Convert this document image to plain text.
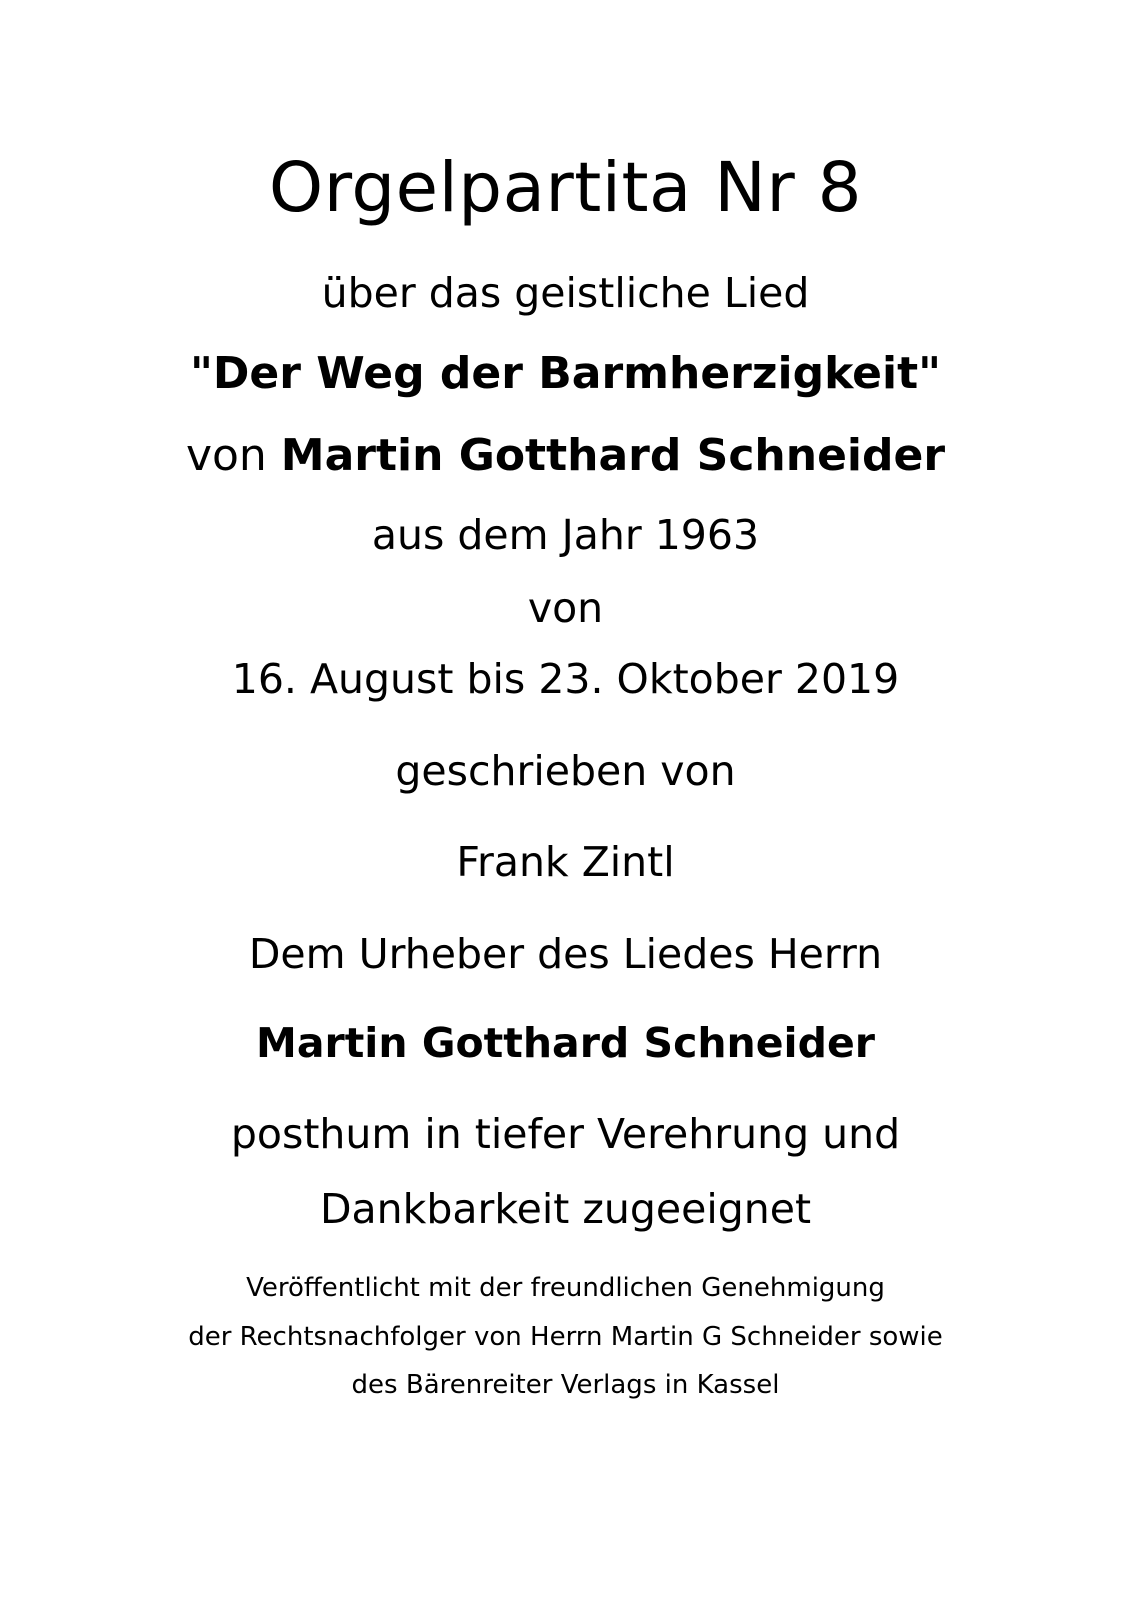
Orgelpartita Nr 8
über das geistliche Lied
"Der Weg der Barmherzigkeit"
von Martin Gotthard Schneider
aus dem Jahr 1963
von
16. August bis 23. Oktober 2019
geschrieben von
Frank Zintl
Dem Urheber des Liedes Herrn
Martin Gotthard Schneider
posthum in tiefer Verehrung und
Dankbarkeit zugeeignet
Veröffentlicht mit der freundlichen Genehmigung
der Rechtsnachfolger von Herrn Martin G Schneider sowie
des Bärenreiter Verlags in Kassel
